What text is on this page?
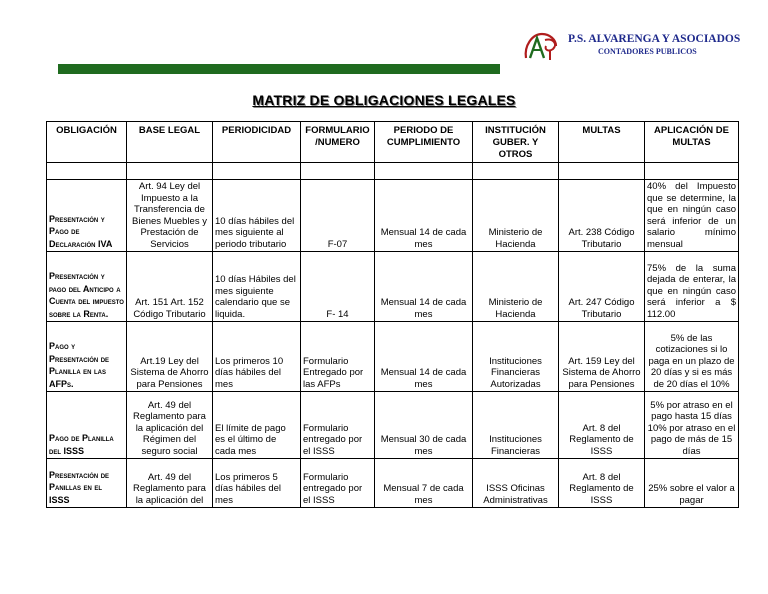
P.S. ALVARENGA Y ASOCIADOS
CONTADORES PUBLICOS
MATRIZ DE OBLIGACIONES LEGALES
OBLIGACIÓN	BASE LEGAL	PERIODICIDAD	FORMULARIO /NUMERO	PERIODO DE CUMPLIMIENTO	INSTITUCIÓN GUBER. Y OTROS	MULTAS	APLICACIÓN DE MULTAS

Presentación y Pago de Declaración IVA	Art. 94 Ley del Impuesto a la Transferencia de Bienes Muebles y Prestación de Servicios	10 días hábiles del mes siguiente al periodo tributario	F-07	Mensual 14 de cada mes	Ministerio de Hacienda	Art. 238 Código Tributario	40% del Impuesto que se determine, la que en ningún caso será inferior de un salario mínimo mensual
Presentación y pago del Anticipo a Cuenta del impuesto sobre la Renta.	Art. 151 Art. 152 Código Tributario	10 días Hábiles del mes siguiente calendario que se liquida.	F- 14	Mensual 14 de cada mes	Ministerio de Hacienda	Art. 247 Código Tributario	75% de la suma dejada de enterar, la que en ningún caso será inferior a $ 112.00
Pago y Presentación de Planilla en las AFPs.	Art.19 Ley del Sistema de Ahorro para Pensiones	Los primeros 10 días hábiles del mes	Formulario Entregado por las AFPs	Mensual 14 de cada mes	Instituciones Financieras Autorizadas	Art. 159 Ley del Sistema de Ahorro para Pensiones	5% de las cotizaciones si lo paga en un plazo de 20 días y si es más de 20 días el 10%
Pago de Planilla del ISSS	Art. 49 del Reglamento para la aplicación del Régimen del seguro social	El límite de pago es el último de cada mes	Formulario entregado por el ISSS	Mensual 30 de cada mes	Instituciones Financieras	Art. 8 del Reglamento de ISSS	5% por atraso en el pago hasta 15 días 10% por atraso en el pago de más de 15 días
Presentación de Panillas en el ISSS	Art. 49 del Reglamento para la aplicación del	Los primeros 5 días hábiles del mes	Formulario entregado por el ISSS	Mensual 7 de cada mes	ISSS Oficinas Administrativas	Art. 8 del Reglamento de ISSS	25% sobre el valor a pagar
